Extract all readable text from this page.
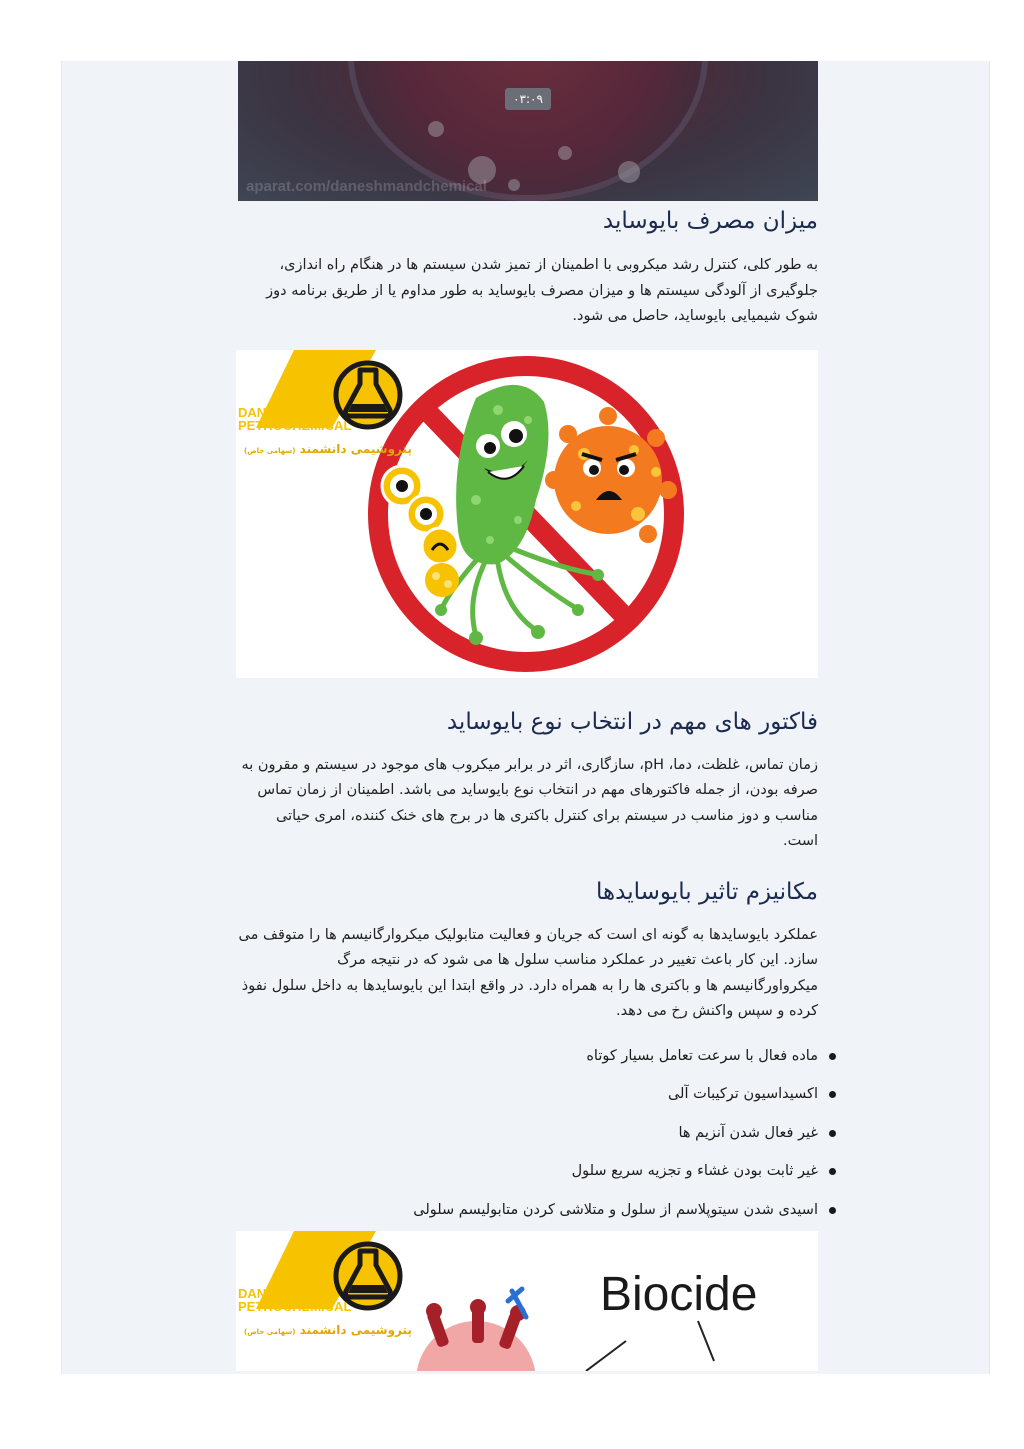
۰۳:۰۹
aparat.com/daneshmandchemical
میزان مصرف بایوساید

به طور کلی، کنترل رشد میکروبی با اطمینان از تمیز شدن سیستم ها در هنگام راه اندازی، جلوگیری از آلودگی سیستم ها و میزان مصرف بایوساید به طور مداوم یا از طریق برنامه دوز شوک شیمیایی بایوساید، حاصل می شود.

DANESHMAND
PETROCHEMICAL
پتروشیمی دانشمند (سهامی خاص)
فاکتور های مهم در انتخاب نوع بایوساید

زمان تماس، غلظت، دما، pH، سازگاری، اثر در برابر میکروب های موجود در سیستم و مقرون به صرفه بودن، از جمله فاکتورهای مهم در انتخاب نوع بایوساید می باشد. اطمینان از زمان تماس مناسب و دوز مناسب در سیستم برای کنترل باکتری ها در برج های خنک کننده، امری حیاتی است.

مکانیزم تاثیر بایوسایدها

عملکرد بایوسایدها به گونه ای است که جریان و فعالیت متابولیک میکروارگانیسم ها را متوقف می سازد. این کار باعث تغییر در عملکرد مناسب سلول ها می شود که در نتیجه مرگ میکرواورگانیسم ها و باکتری ها را به همراه دارد. در واقع ابتدا این بایوسایدها به داخل سلول نفوذ کرده و سپس واکنش رخ می دهد.

ماده فعال با سرعت تعامل بسیار کوتاه
اکسیداسیون ترکیبات آلی
غیر فعال شدن آنزیم ها
غیر ثابت بودن غشاء و تجزیه سریع سلول
اسیدی شدن سیتوپلاسم از سلول و متلاشی کردن متابولیسم سلولی
DANESHMAND
PETROCHEMICAL
پتروشیمی دانشمند (سهامی خاص)
Biocide
